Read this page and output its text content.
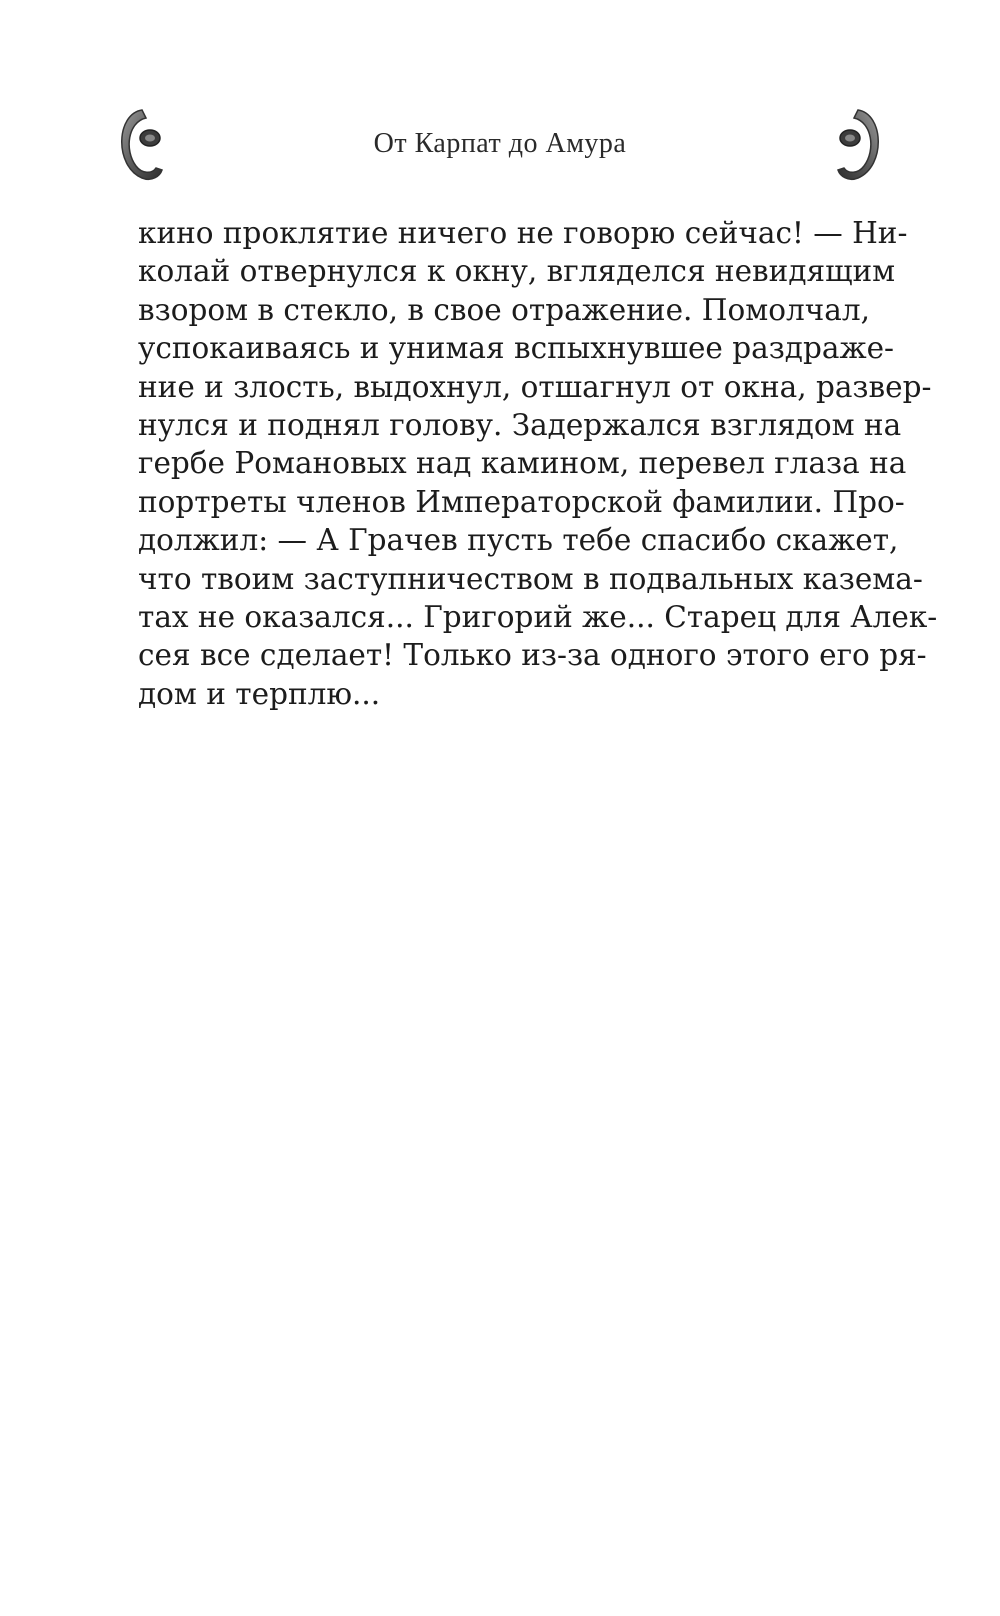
От Карпат до Амура
кино проклятие ничего не говорю сейчас! — Ни-
колай отвернулся к окну, вгляделся невидящим
взором в стекло, в свое отражение. Помолчал,
успокаиваясь и унимая вспыхнувшее раздраже-
ние и злость, выдохнул, отшагнул от окна, развер-
нулся и поднял голову. Задержался взглядом на
гербе Романовых над камином, перевел глаза на
портреты членов Императорской фамилии. Про-
должил: — А Грачев пусть тебе спасибо скажет,
что твоим заступничеством в подвальных казема-
тах не оказался... Григорий же... Старец для Алек-
сея все сделает! Только из-за одного этого его ря-
дом и терплю...
